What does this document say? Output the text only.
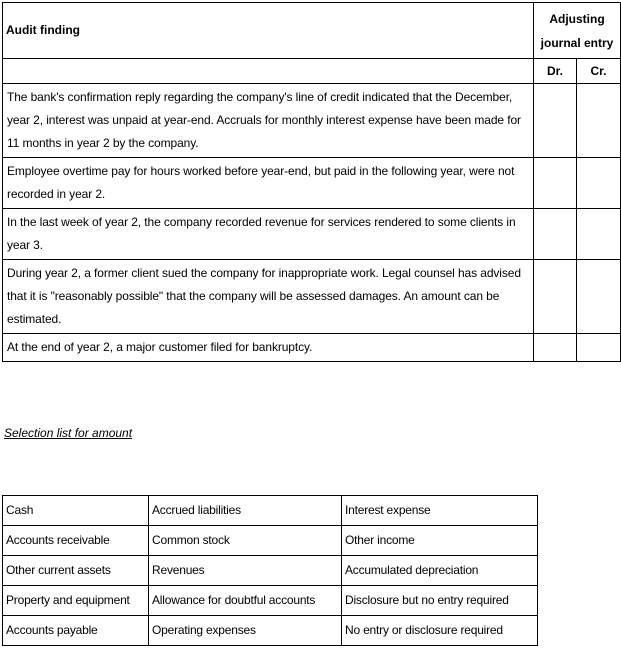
Audit finding	Adjusting journal entry	
	Dr.	Cr.
The bank's confirmation reply regarding the company's line of credit indicated that the December, year 2, interest was unpaid at year-end. Accruals for monthly interest expense have been made for 11 months in year 2 by the company.		
Employee overtime pay for hours worked before year-end, but paid in the following year, were not recorded in year 2.		
In the last week of year 2, the company recorded revenue for services rendered to some clients in year 3.		
During year 2, a former client sued the company for inappropriate work. Legal counsel has advised that it is "reasonably possible" that the company will be assessed damages. An amount can be estimated.		
At the end of year 2, a major customer filed for bankruptcy.		
Selection list for amount
Cash	Accrued liabilities	Interest expense
Accounts receivable	Common stock	Other income
Other current assets	Revenues	Accumulated depreciation
Property and equipment	Allowance for doubtful accounts	Disclosure but no entry required
Accounts payable	Operating expenses	No entry or disclosure required
